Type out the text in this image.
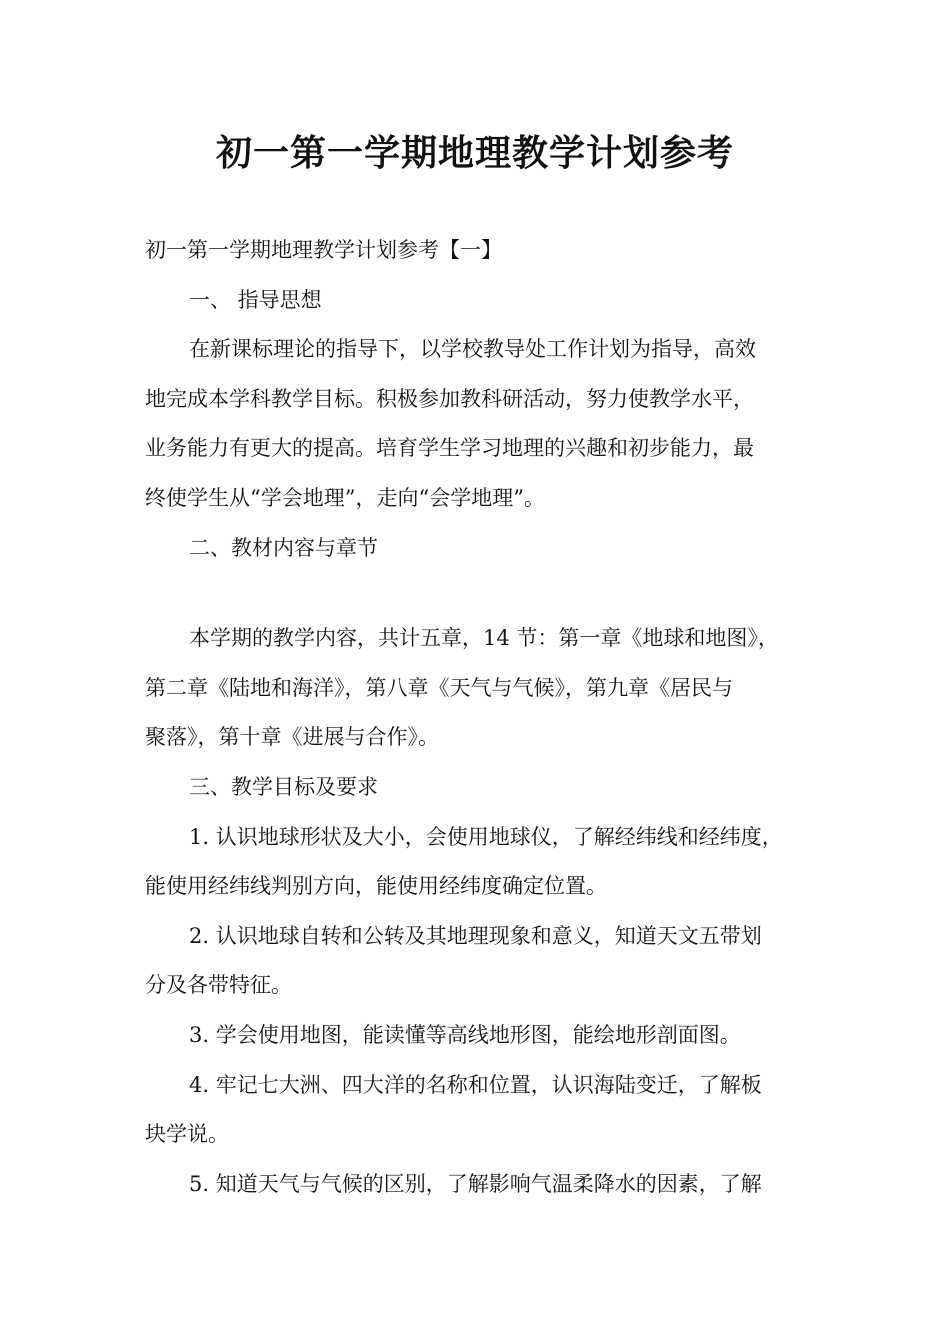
初一第一学期地理教学计划参考

初一第一学期地理教学计划参考【一】

一、 指导思想

在新课标理论的指导下，以学校教导处工作计划为指导，高效

地完成本学科教学目标。积极参加教科研活动，努力使教学水平，

业务能力有更大的提高。培育学生学习地理的兴趣和初步能力，最

终使学生从“学会地理”，走向“会学地理”。

二、教材内容与章节

本学期的教学内容，共计五章，14 节：第一章《地球和地图》，

第二章《陆地和海洋》，第八章《天气与气候》，第九章《居民与

聚落》，第十章《进展与合作》。

三、教学目标及要求

1. 认识地球形状及大小，会使用地球仪，了解经纬线和经纬度，

能使用经纬线判别方向，能使用经纬度确定位置。

2. 认识地球自转和公转及其地理现象和意义，知道天文五带划

分及各带特征。

3. 学会使用地图，能读懂等高线地形图，能绘地形剖面图。

4. 牢记七大洲、四大洋的名称和位置，认识海陆变迁，了解板

块学说。

5. 知道天气与气候的区别，了解影响气温柔降水的因素，了解
